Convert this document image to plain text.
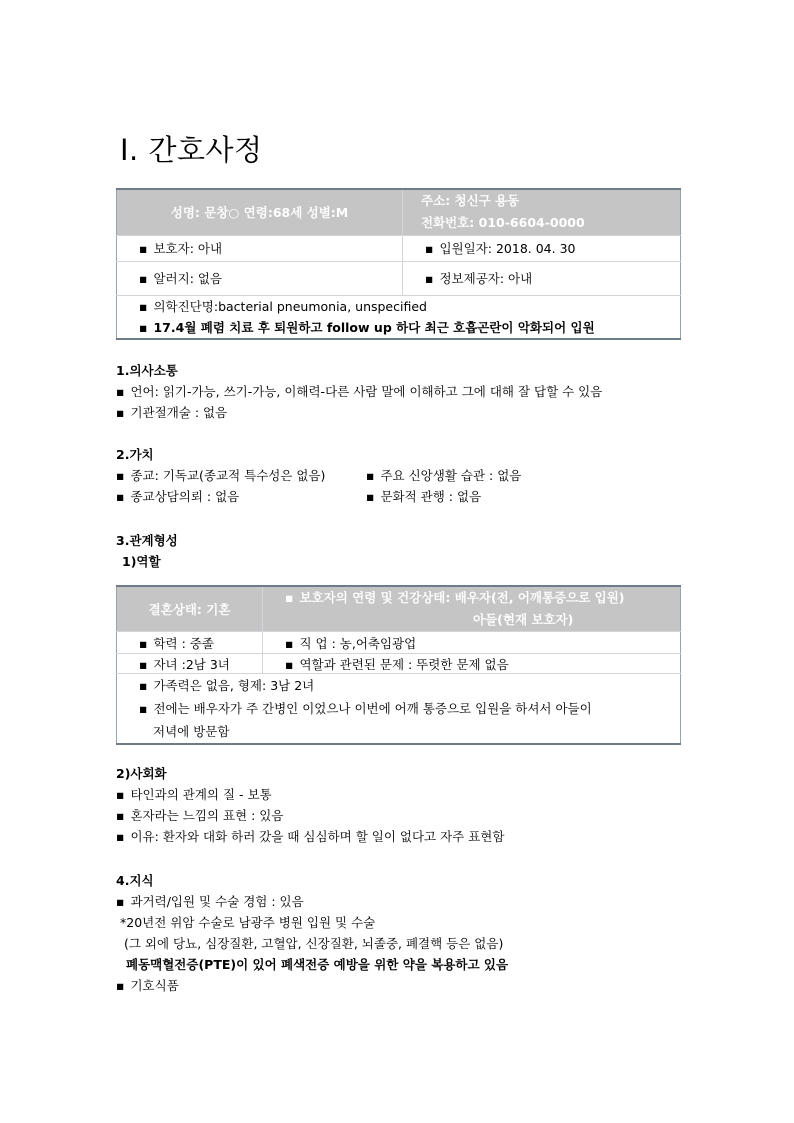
Ⅰ. 간호사정
성명: 문창○ 연령:68세 성별:M	주소: 청신구 용동
전화번호: 010-6604-0000

▪ 보호자: 아내	▪ 입원일자: 2018. 04. 30
▪ 알러지: 없음	▪ 정보제공자: 아내

▪ 의학진단명:bacterial pneumonia, unspecified
▪ 17.4월 폐렴 치료 후 퇴원하고 follow up 하다 최근 호흡곤란이 악화되어 입원
1.의사소통
▪ 언어: 읽기-가능, 쓰기-가능, 이해력-다른 사람 말에 이해하고 그에 대해 잘 답할 수 있음
▪ 기관절개술 : 없음
2.가치
▪ 종교: 기독교(종교적 특수성은 없음)	▪ 주요 신앙생활 습관 : 없음
▪ 종교상담의뢰 : 없음	▪ 문화적 관행 : 없음
3.관계형성
1)역할
결혼상태: 기혼	▪ 보호자의 연령 및 건강상태: 배우자(전, 어깨통증으로 입원)
아들(현재 보호자)

▪ 학력 : 중졸	▪ 직 업 : 농,어축임광업
▪ 자녀 :2남 3녀	▪ 역할과 관련된 문제 : 뚜렷한 문제 없음

▪ 가족력은 없음, 형제: 3남 2녀
▪ 전에는 배우자가 주 간병인 이었으나 이번에 어깨 통증으로 입원을 하셔서 아들이
저녁에 방문함
2)사회화
▪ 타인과의 관계의 질 - 보통
▪ 혼자라는 느낌의 표현 : 있음
▪ 이유: 환자와 대화 하러 갔을 때 심심하며 할 일이 없다고 자주 표현함
4.지식
▪ 과거력/입원 및 수술 경험 : 있음
*20년전 위암 수술로 남광주 병원 입원 및 수술
(그 외에 당뇨, 심장질환, 고혈압, 신장질환, 뇌졸중, 폐결핵 등은 없음)
폐동맥혈전증(PTE)이 있어 폐색전증 예방을 위한 약을 복용하고 있음
▪ 기호식품
